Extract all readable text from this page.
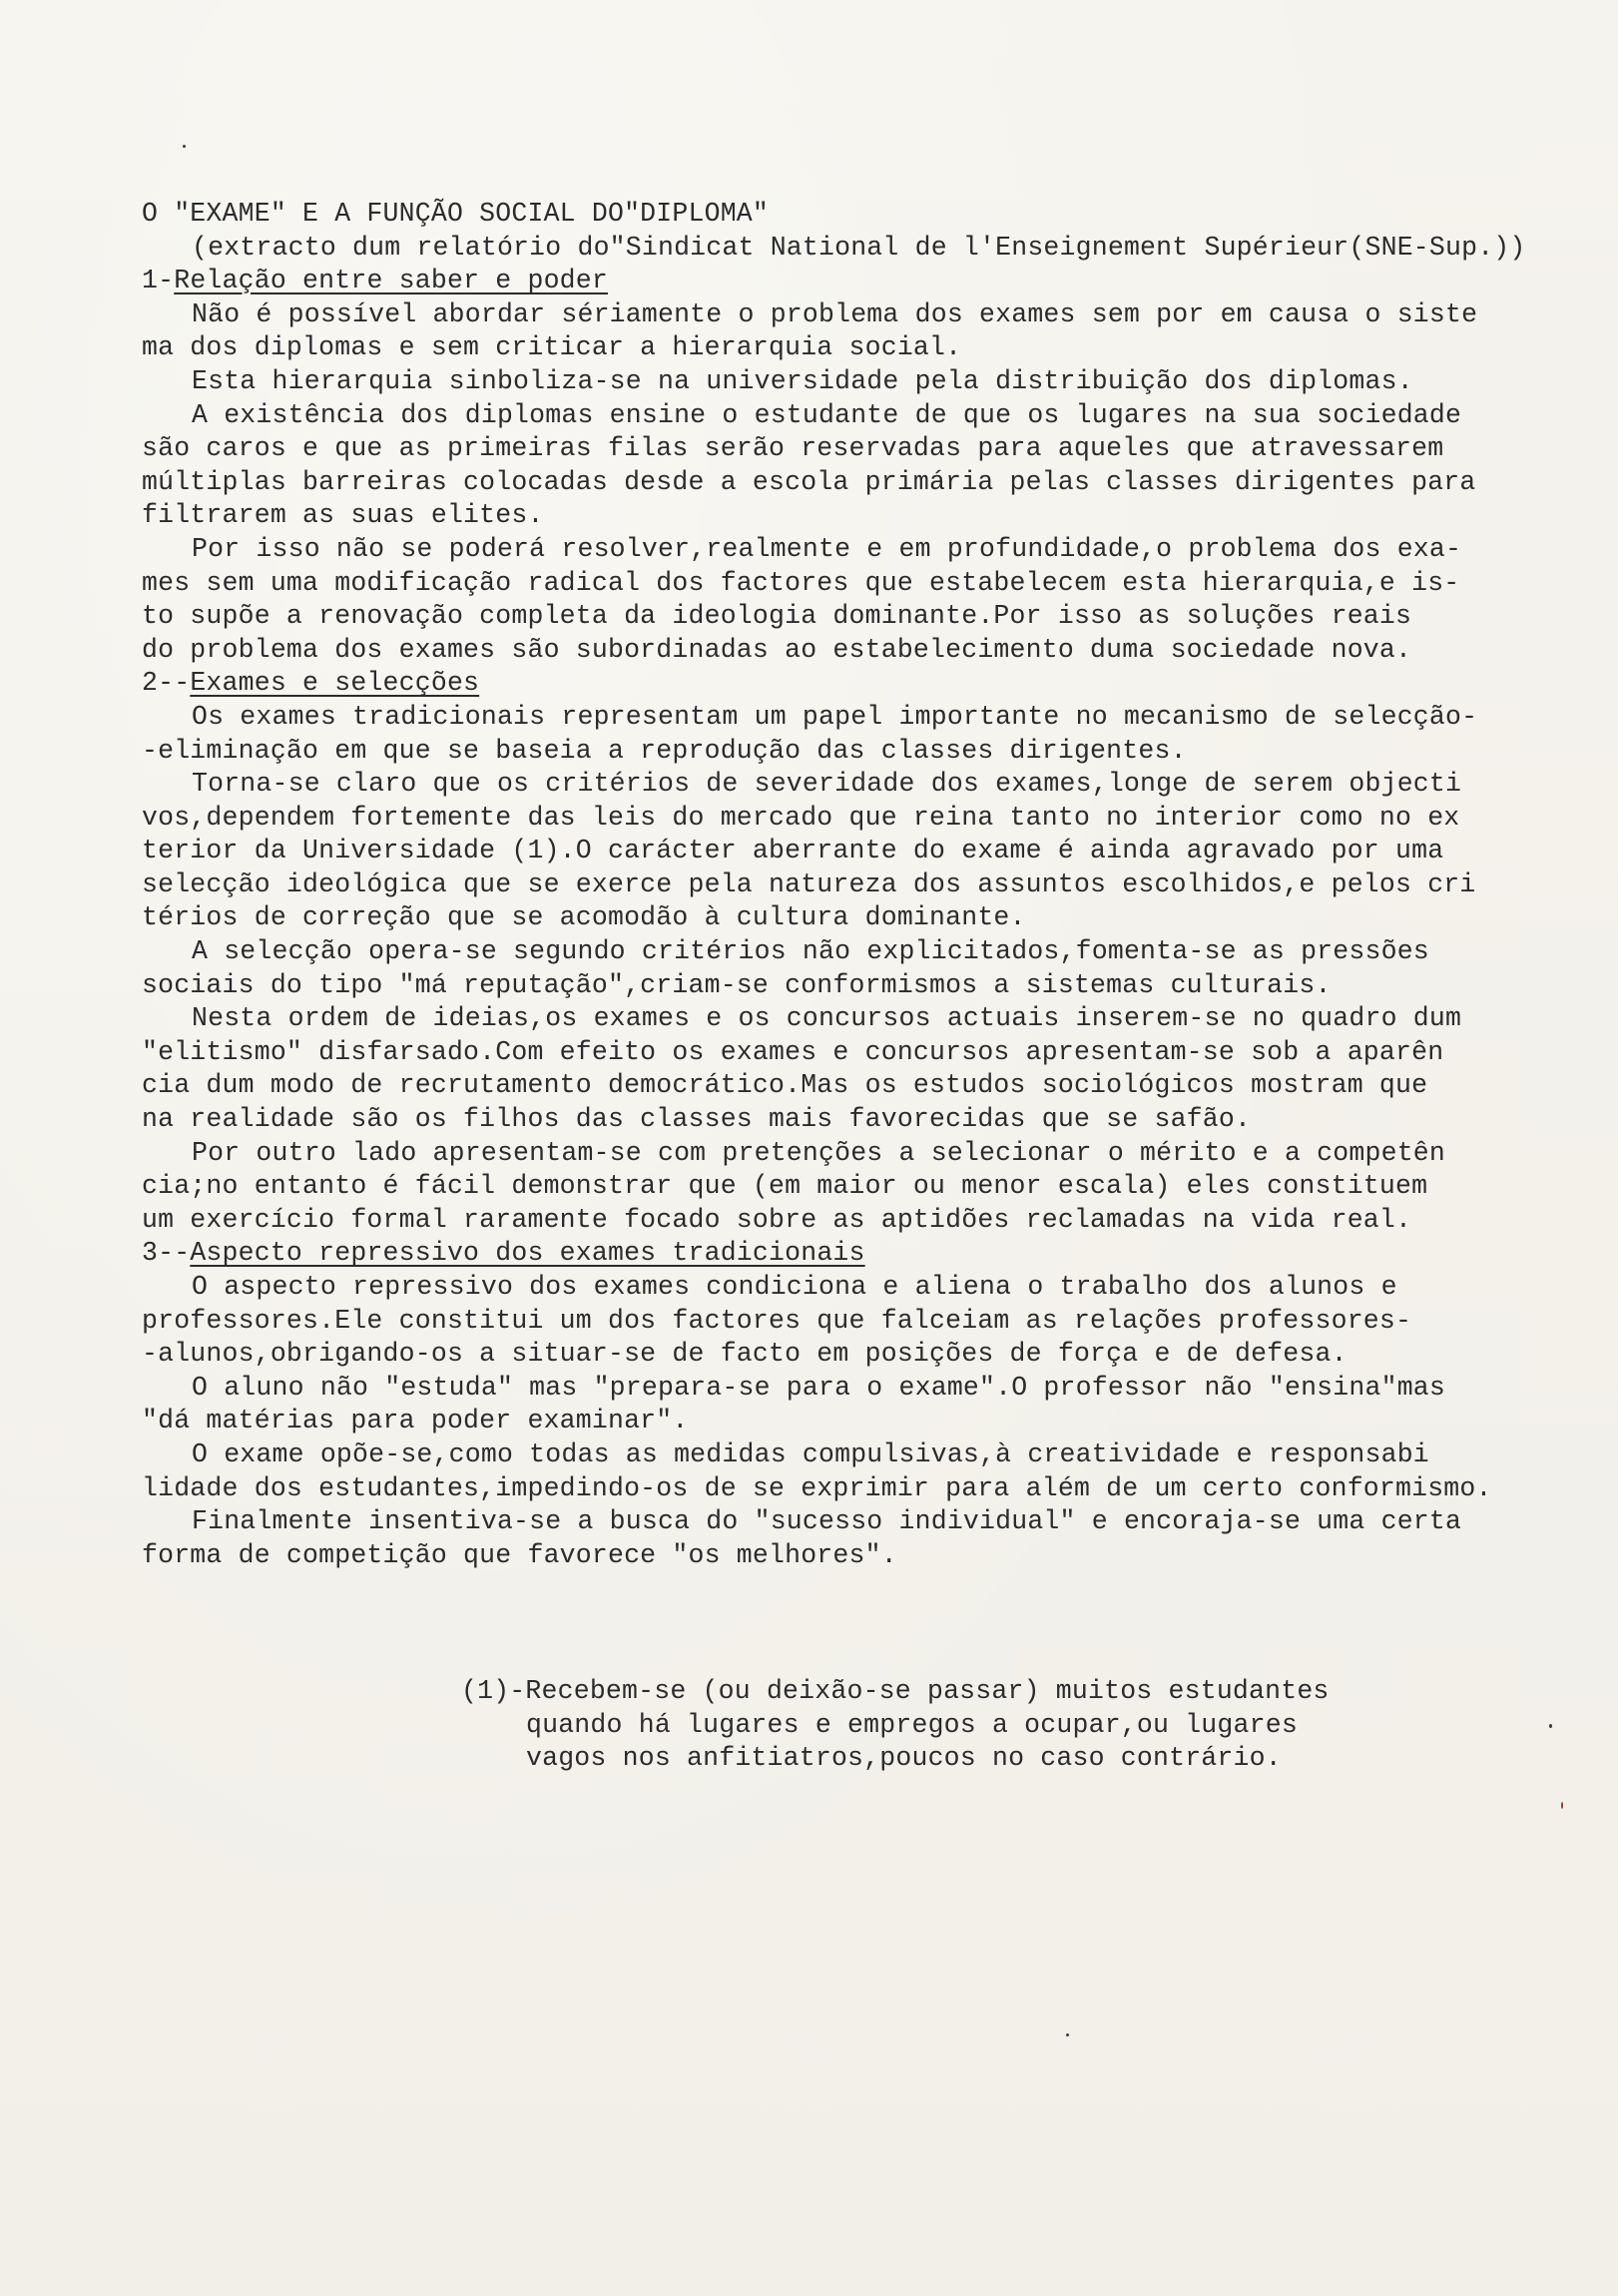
O "EXAME" E A FUNÇÃO SOCIAL DO"DIPLOMA"
(extracto dum relatório do"Sindicat National de l'Enseignement Supérieur(SNE-Sup.))
1-Relação entre saber e poder
Não é possível abordar sériamente o problema dos exames sem por em causa o siste
ma dos diplomas e sem criticar a hierarquia social.
Esta hierarquia sinboliza-se na universidade pela distribuição dos diplomas.
A existência dos diplomas ensine o estudante de que os lugares na sua sociedade
são caros e que as primeiras filas serão reservadas para aqueles que atravessarem
múltiplas barreiras colocadas desde a escola primária pelas classes dirigentes para
filtrarem as suas elites.
Por isso não se poderá resolver,realmente e em profundidade,o problema dos exa-
mes sem uma modificação radical dos factores que estabelecem esta hierarquia,e is-
to supõe a renovação completa da ideologia dominante.Por isso as soluções reais
do problema dos exames são subordinadas ao estabelecimento duma sociedade nova.
2--Exames e selecções
Os exames tradicionais representam um papel importante no mecanismo de selecção-
-eliminação em que se baseia a reprodução das classes dirigentes.
Torna-se claro que os critérios de severidade dos exames,longe de serem objecti
vos,dependem fortemente das leis do mercado que reina tanto no interior como no ex
terior da Universidade (1).O carácter aberrante do exame é ainda agravado por uma
selecção ideológica que se exerce pela natureza dos assuntos escolhidos,e pelos cri
térios de correção que se acomodão à cultura dominante.
A selecção opera-se segundo critérios não explicitados,fomenta-se as pressões
sociais do tipo "má reputação",criam-se conformismos a sistemas culturais.
Nesta ordem de ideias,os exames e os concursos actuais inserem-se no quadro dum
"elitismo" disfarsado.Com efeito os exames e concursos apresentam-se sob a aparên
cia dum modo de recrutamento democrático.Mas os estudos sociológicos mostram que
na realidade são os filhos das classes mais favorecidas que se safão.
Por outro lado apresentam-se com pretenções a selecionar o mérito e a competên
cia;no entanto é fácil demonstrar que (em maior ou menor escala) eles constituem
um exercício formal raramente focado sobre as aptidões reclamadas na vida real.
3--Aspecto repressivo dos exames tradicionais
O aspecto repressivo dos exames condiciona e aliena o trabalho dos alunos e
professores.Ele constitui um dos factores que falceiam as relações professores-
-alunos,obrigando-os a situar-se de facto em posições de força e de defesa.
O aluno não "estuda" mas "prepara-se para o exame".O professor não "ensina"mas
"dá matérias para poder examinar".
O exame opõe-se,como todas as medidas compulsivas,à creatividade e responsabi
lidade dos estudantes,impedindo-os de se exprimir para além de um certo conformismo.
Finalmente insentiva-se a busca do "sucesso individual" e encoraja-se uma certa
forma de competição que favorece "os melhores".
(1)-Recebem-se (ou deixão-se passar) muitos estudantes
quando há lugares e empregos a ocupar,ou lugares
vagos nos anfitiatros,poucos no caso contrário.
